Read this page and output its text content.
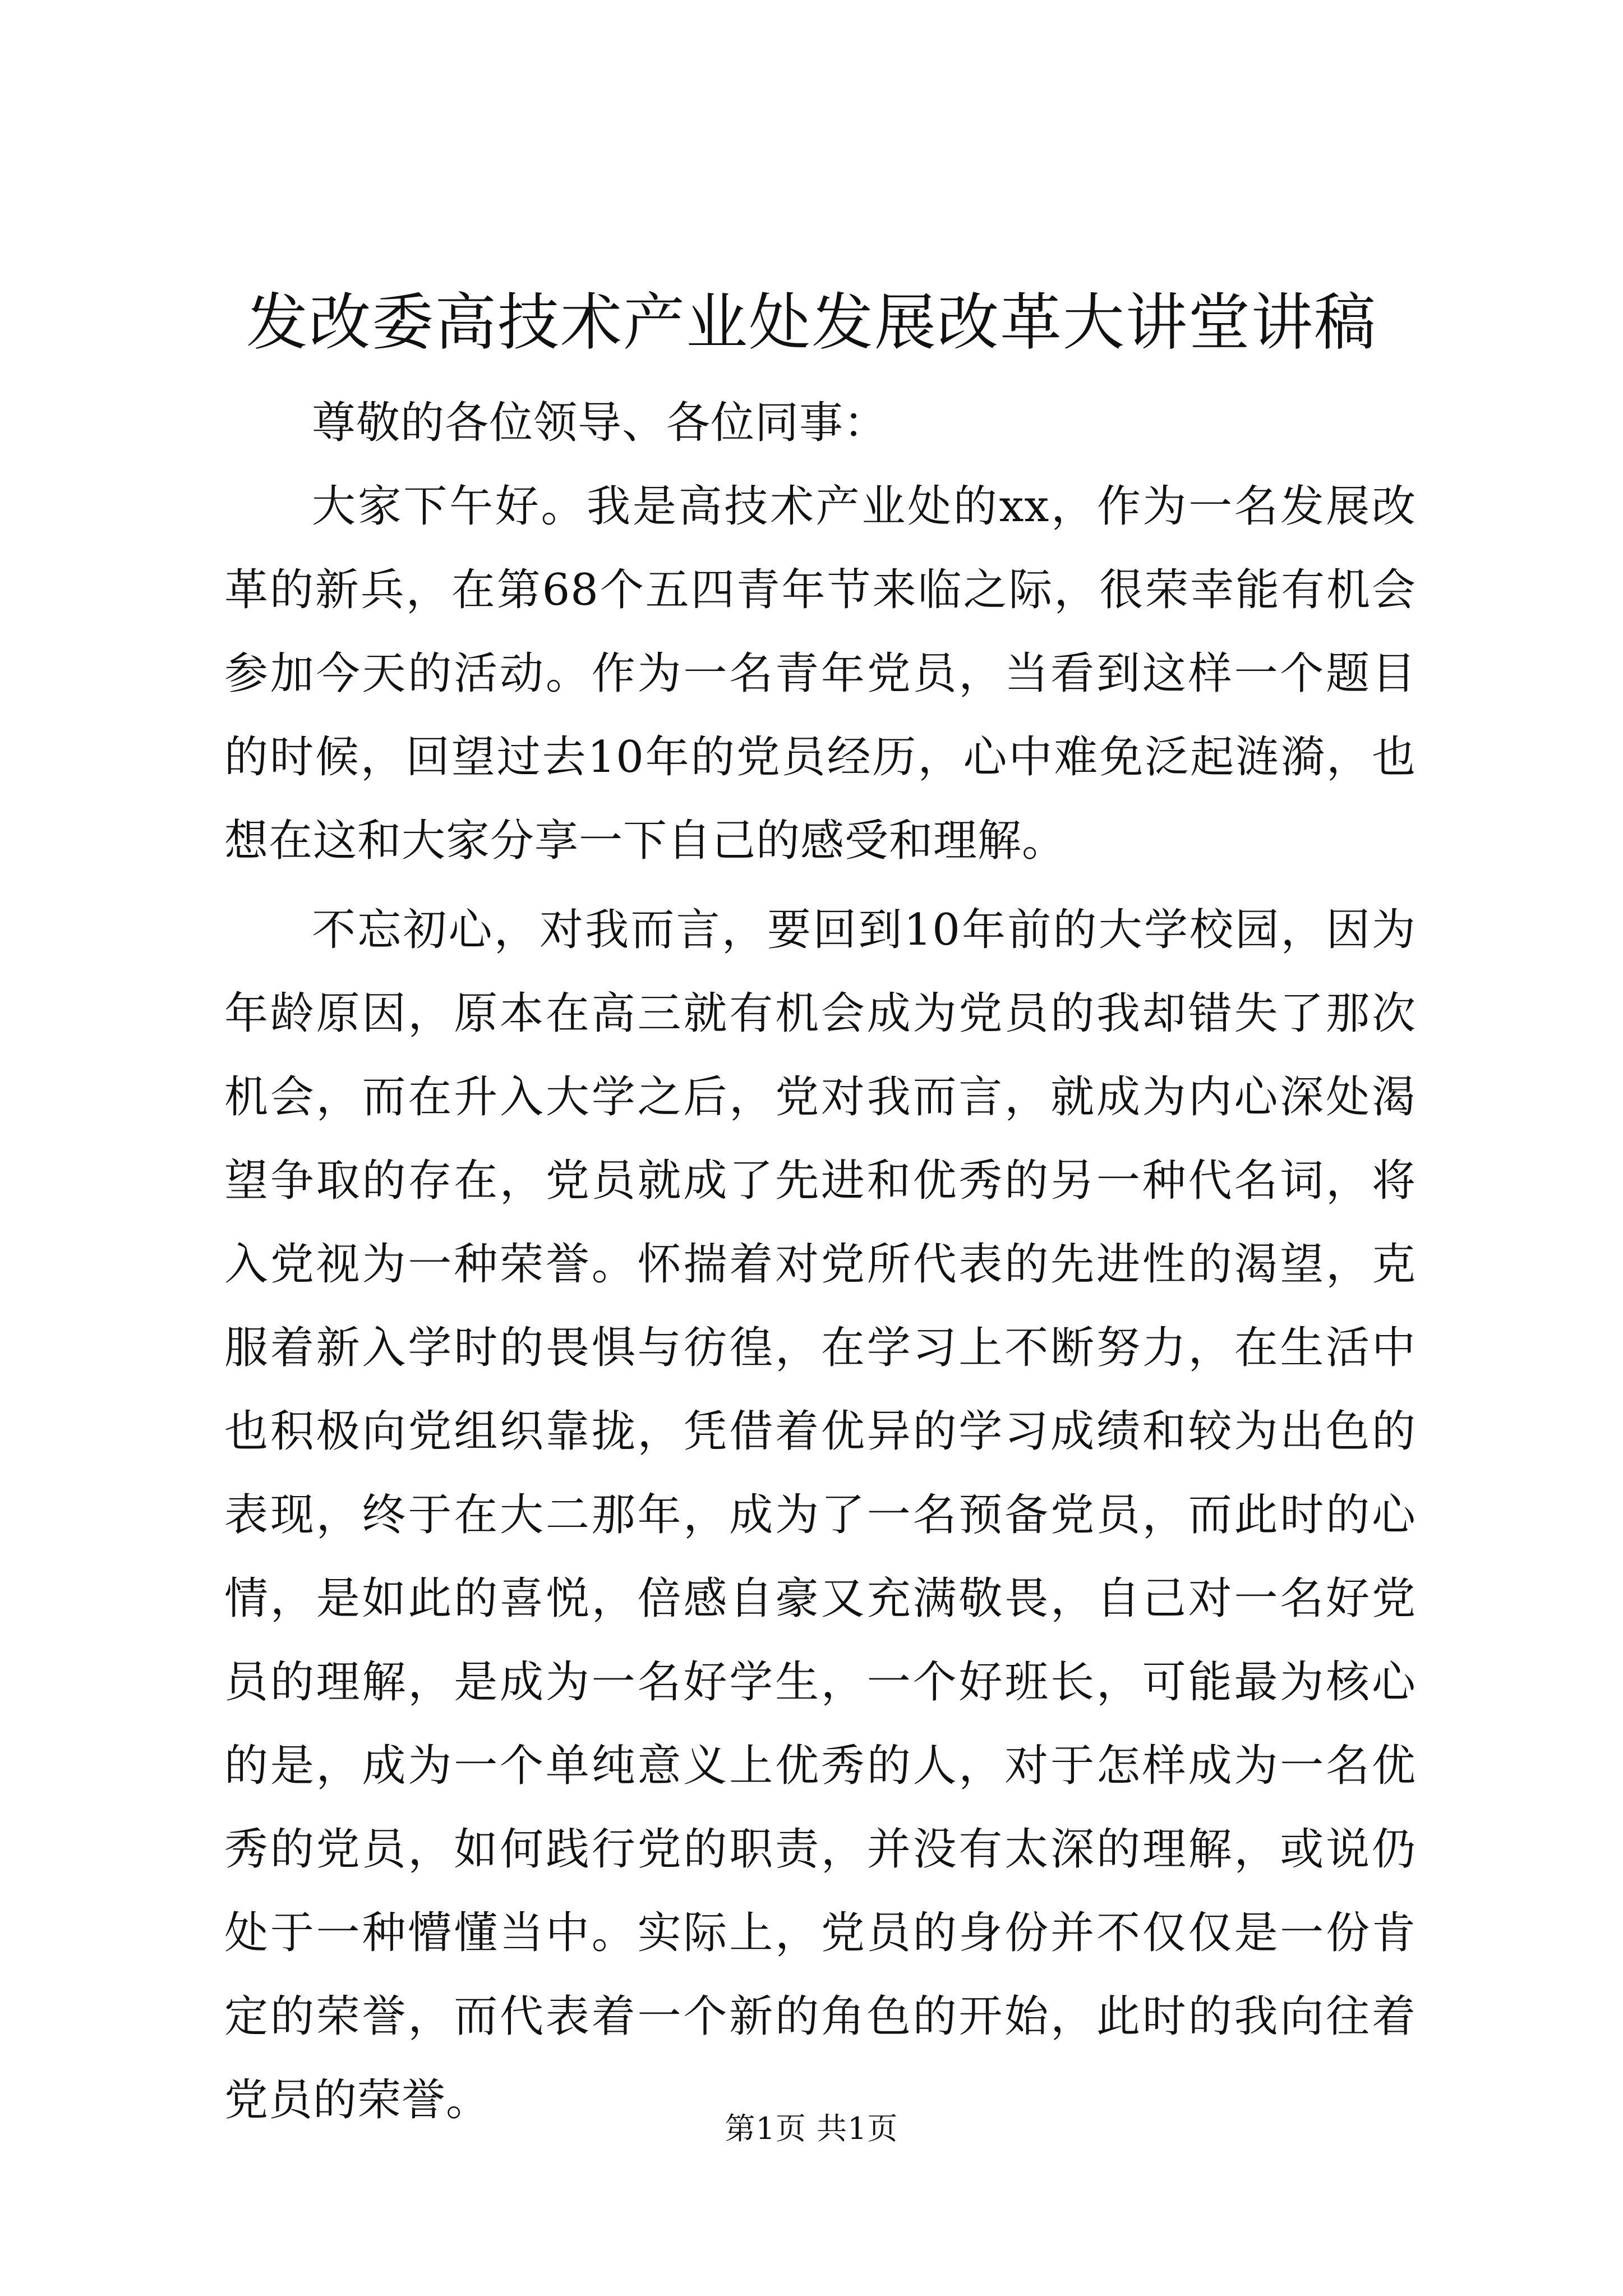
发改委高技术产业处发展改革大讲堂讲稿

尊敬的各位领导、各位同事：

大家下午好。我是高技术产业处的xx，作为一名发展改革的新兵，在第68个五四青年节来临之际，很荣幸能有机会参加今天的活动。作为一名青年党员，当看到这样一个题目的时候，回望过去10年的党员经历，心中难免泛起涟漪，也想在这和大家分享一下自己的感受和理解。

不忘初心，对我而言，要回到10年前的大学校园，因为年龄原因，原本在高三就有机会成为党员的我却错失了那次机会，而在升入大学之后，党对我而言，就成为内心深处渴望争取的存在，党员就成了先进和优秀的另一种代名词，将入党视为一种荣誉。怀揣着对党所代表的先进性的渴望，克服着新入学时的畏惧与彷徨，在学习上不断努力，在生活中也积极向党组织靠拢，凭借着优异的学习成绩和较为出色的表现，终于在大二那年，成为了一名预备党员，而此时的心情，是如此的喜悦，倍感自豪又充满敬畏，自己对一名好党员的理解，是成为一名好学生，一个好班长，可能最为核心的是，成为一个单纯意义上优秀的人，对于怎样成为一名优秀的党员，如何践行党的职责，并没有太深的理解，或说仍处于一种懵懂当中。实际上，党员的身份并不仅仅是一份肯定的荣誉，而代表着一个新的角色的开始，此时的我向往着党员的荣誉。

第1页 共1页
